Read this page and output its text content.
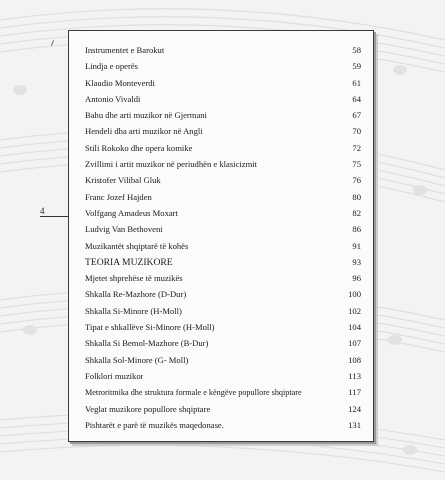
4
Instrumentet e Barokut	58
Lindja e operës	59
Klaudio Monteverdi	61
Antonio Vivaldi	64
Bahu dhe arti muzikor në Gjermani	67
Hendeli dha arti muzikor në Angli	70
Stili Rokoko dhe opera komike	72
Zvillimi i artit muzikor në periudhën e klasicizmit	75
Kristofer Vilibal Gluk	76
Franc Jozef Hajden	80
Volfgang Amadeus Moxart	82
Ludvig Van Bethoveni	86
Muzikantët shqiptarë të kohës	91
TEORIA MUZIKORE	93
Mjetet shprehëse të muzikës	96
Shkalla Re-Mazhore (D-Dur)	100
Shkalla Si-Minore (H-Moll)	102
Tipat e shkallëve Si-Minore (H-Moll)	104
Shkalla Si Bemol-Mazhore (B-Dur)	107
Shkalla Sol-Minore (G- Moll)	108
Folklori muzikor	113
Metroritmika dhe struktura formale e këngëve popullore shqiptare	117
Veglat muzikore popullore shqiptare	124
Pishtarët e parë të muzikës maqedonase.	131
